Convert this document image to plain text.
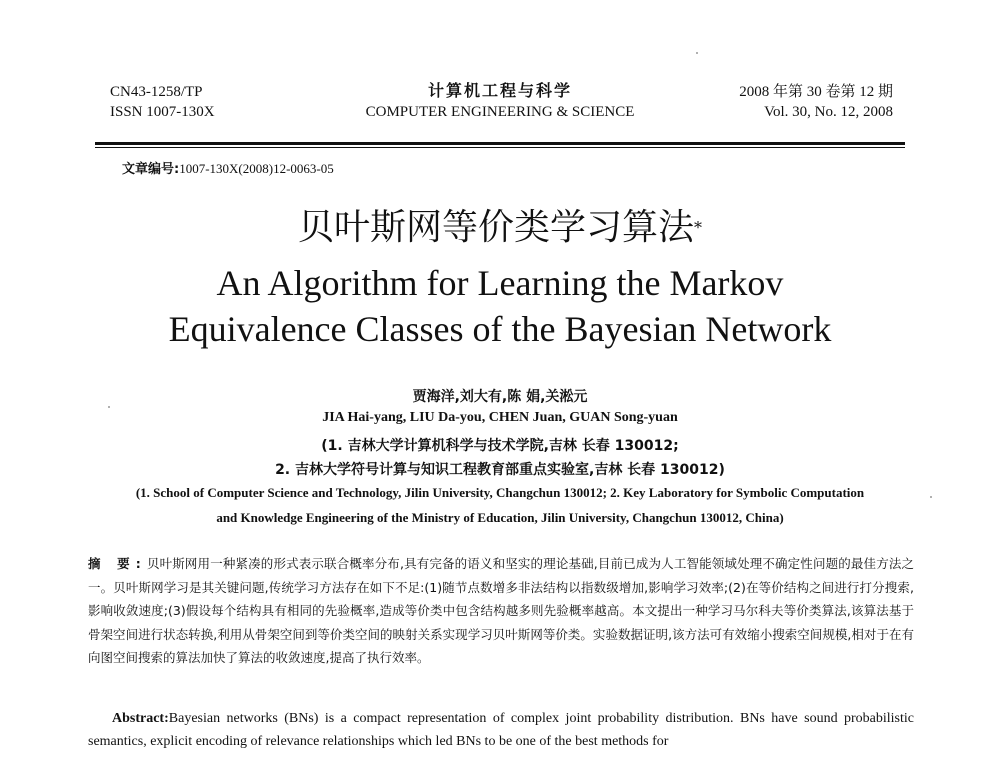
CN43-1258/TP
ISSN 1007-130X
计算机工程与科学
COMPUTER ENGINEERING & SCIENCE
2008 年第 30 卷第 12 期
Vol. 30, No. 12, 2008
文章编号:1007-130X(2008)12-0063-05
贝叶斯网等价类学习算法*
An Algorithm for Learning the Markov
Equivalence Classes of the Bayesian Network
贾海洋,刘大有,陈 娟,关淞元
JIA Hai-yang, LIU Da-you, CHEN Juan, GUAN Song-yuan
(1. 吉林大学计算机科学与技术学院,吉林 长春 130012;
2. 吉林大学符号计算与知识工程教育部重点实验室,吉林 长春 130012)
(1. School of Computer Science and Technology, Jilin University, Changchun 130012; 2. Key Laboratory for Symbolic Computation
and Knowledge Engineering of the Ministry of Education, Jilin University, Changchun 130012, China)
摘 要:贝叶斯网用一种紧凑的形式表示联合概率分布,具有完备的语义和坚实的理论基础,目前已成为人工智能领域处理不确定性问题的最佳方法之一。贝叶斯网学习是其关键问题,传统学习方法存在如下不足:(1)随节点数增多非法结构以指数级增加,影响学习效率;(2)在等价结构之间进行打分搜索,影响收敛速度;(3)假设每个结构具有相同的先验概率,造成等价类中包含结构越多则先验概率越高。本文提出一种学习马尔科夫等价类算法,该算法基于骨架空间进行状态转换,利用从骨架空间到等价类空间的映射关系实现学习贝叶斯网等价类。实验数据证明,该方法可有效缩小搜索空间规模,相对于在有向图空间搜索的算法加快了算法的收敛速度,提高了执行效率。
Abstract:Bayesian networks (BNs) is a compact representation of complex joint probability distribution. BNs have sound probabilistic semantics, explicit encoding of relevance relationships which led BNs to be one of the best methods for
